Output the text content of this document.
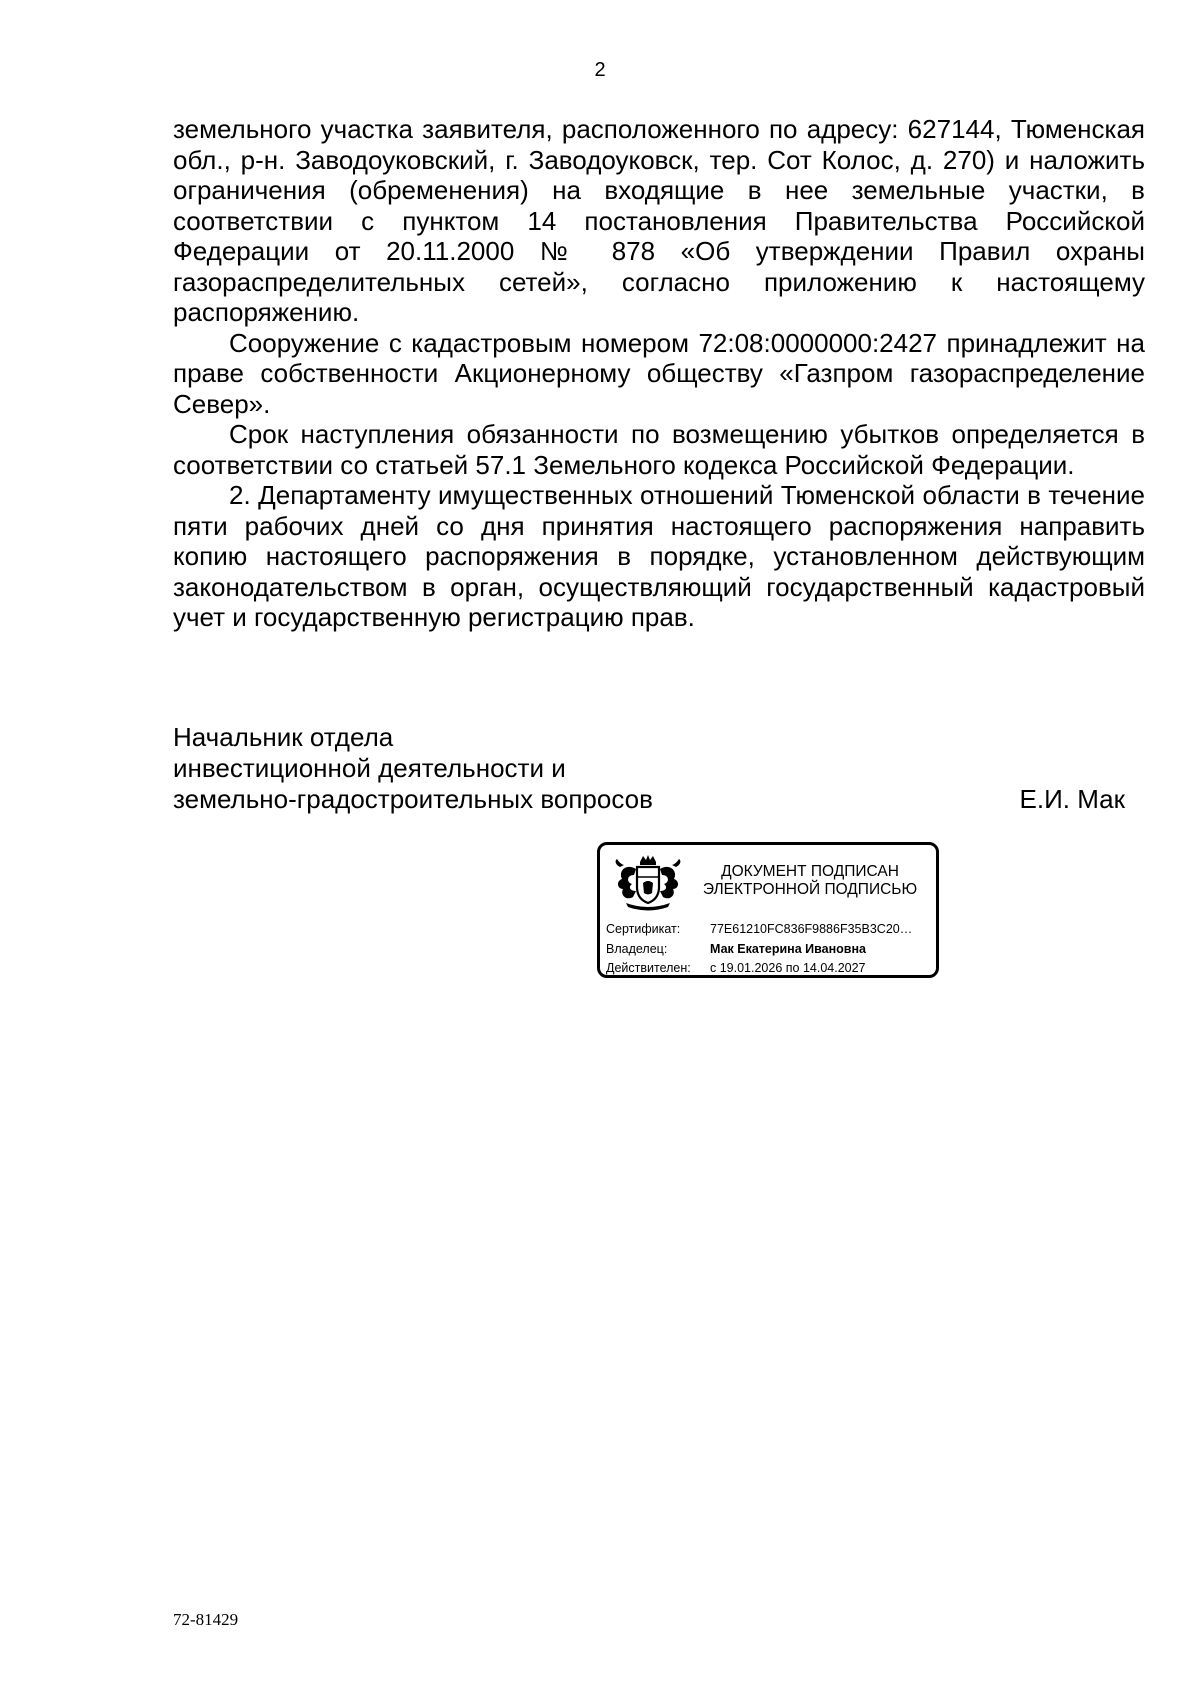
2

земельного участка заявителя, расположенного по адресу: 627144, Тюменская обл., р-н. Заводоуковский, г. Заводоуковск, тер. Сот Колос, д. 270) и наложить ограничения (обременения) на входящие в нее земельные участки, в соответствии с пунктом 14 постановления Правительства Российской Федерации от 20.11.2000 № 878 «Об утверждении Правил охраны газораспределительных сетей», согласно приложению к настоящему распоряжению.

Сооружение с кадастровым номером 72:08:0000000:2427 принадлежит на праве собственности Акционерному обществу «Газпром газораспределение Север».

Срок наступления обязанности по возмещению убытков определяется в соответствии со статьей 57.1 Земельного кодекса Российской Федерации.

2. Департаменту имущественных отношений Тюменской области в течение пяти рабочих дней со дня принятия настоящего распоряжения направить копию настоящего распоряжения в порядке, установленном действующим законодательством в орган, осуществляющий государственный кадастровый учет и государственную регистрацию прав.

Начальник отдела
инвестиционной деятельности и
земельно-градостроительных вопросов	Е.И. Мак
ДОКУМЕНТ ПОДПИСАН
ЭЛЕКТРОННОЙ ПОДПИСЬЮ
Сертификат: 77E61210FC836F9886F35B3C20…
Владелец:	Мак Екатерина Ивановна
Действителен: с 19.01.2026 по 14.04.2027
72-81429
